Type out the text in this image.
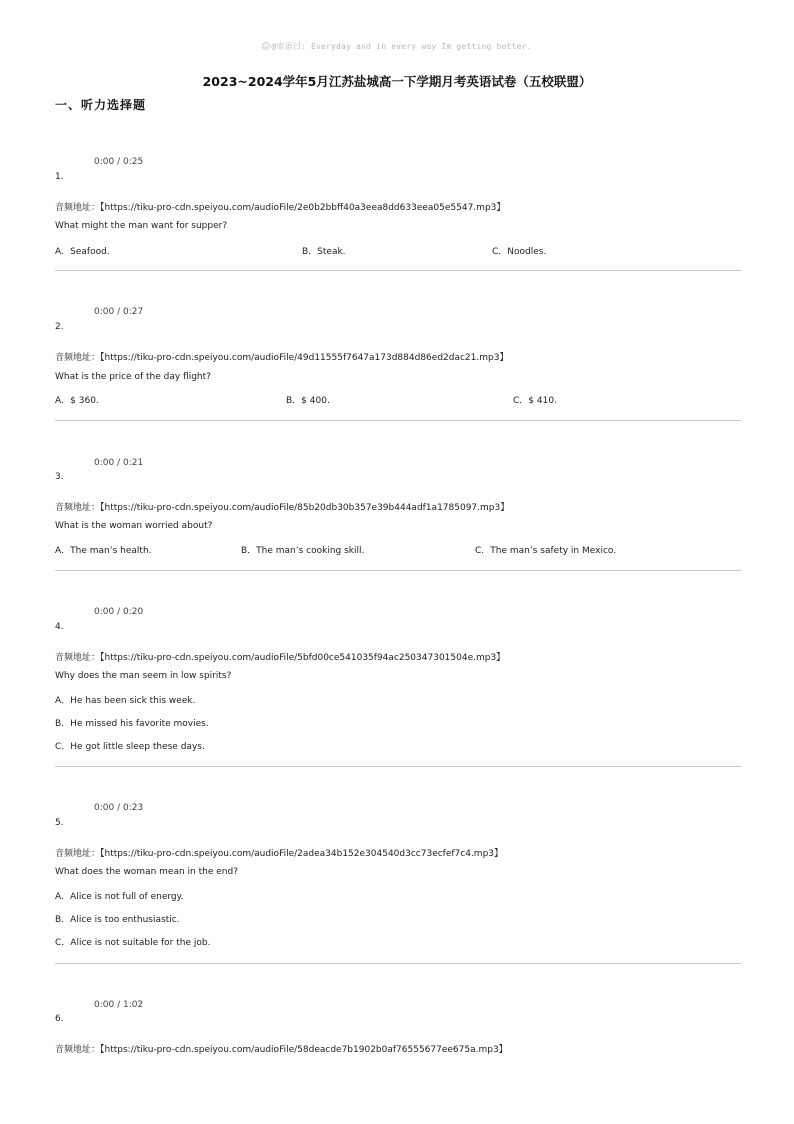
@寄语曰: Everyday and in every way Im getting better.
2023~2024学年5月江苏盐城高一下学期月考英语试卷（五校联盟）
一、听力选择题
0:00 / 0:25
1.
音频地址：【https://tiku-pro-cdn.speiyou.com/audioFile/2e0b2bbff40a3eea8dd633eea05e5547.mp3】
What might the man want for supper?
A．Seafood.	B．Steak.	C．Noodles.
0:00 / 0:27
2.
音频地址：【https://tiku-pro-cdn.speiyou.com/audioFile/49d11555f7647a173d884d86ed2dac21.mp3】
What is the price of the day flight?
A．$ 360.	B．$ 400.	C．$ 410.
0:00 / 0:21
3.
音频地址：【https://tiku-pro-cdn.speiyou.com/audioFile/85b20db30b357e39b444adf1a1785097.mp3】
What is the woman worried about?
A．The man’s health.	B．The man’s cooking skill.	C．The man’s safety in Mexico.
0:00 / 0:20
4.
音频地址：【https://tiku-pro-cdn.speiyou.com/audioFile/5bfd00ce541035f94ac250347301504e.mp3】
Why does the man seem in low spirits?
A．He has been sick this week.
B．He missed his favorite movies.
C．He got little sleep these days.
0:00 / 0:23
5.
音频地址：【https://tiku-pro-cdn.speiyou.com/audioFile/2adea34b152e304540d3cc73ecfef7c4.mp3】
What does the woman mean in the end?
A．Alice is not full of energy.
B．Alice is too enthusiastic.
C．Alice is not suitable for the job.
0:00 / 1:02
6.
音频地址：【https://tiku-pro-cdn.speiyou.com/audioFile/58deacde7b1902b0af76555677ee675a.mp3】
